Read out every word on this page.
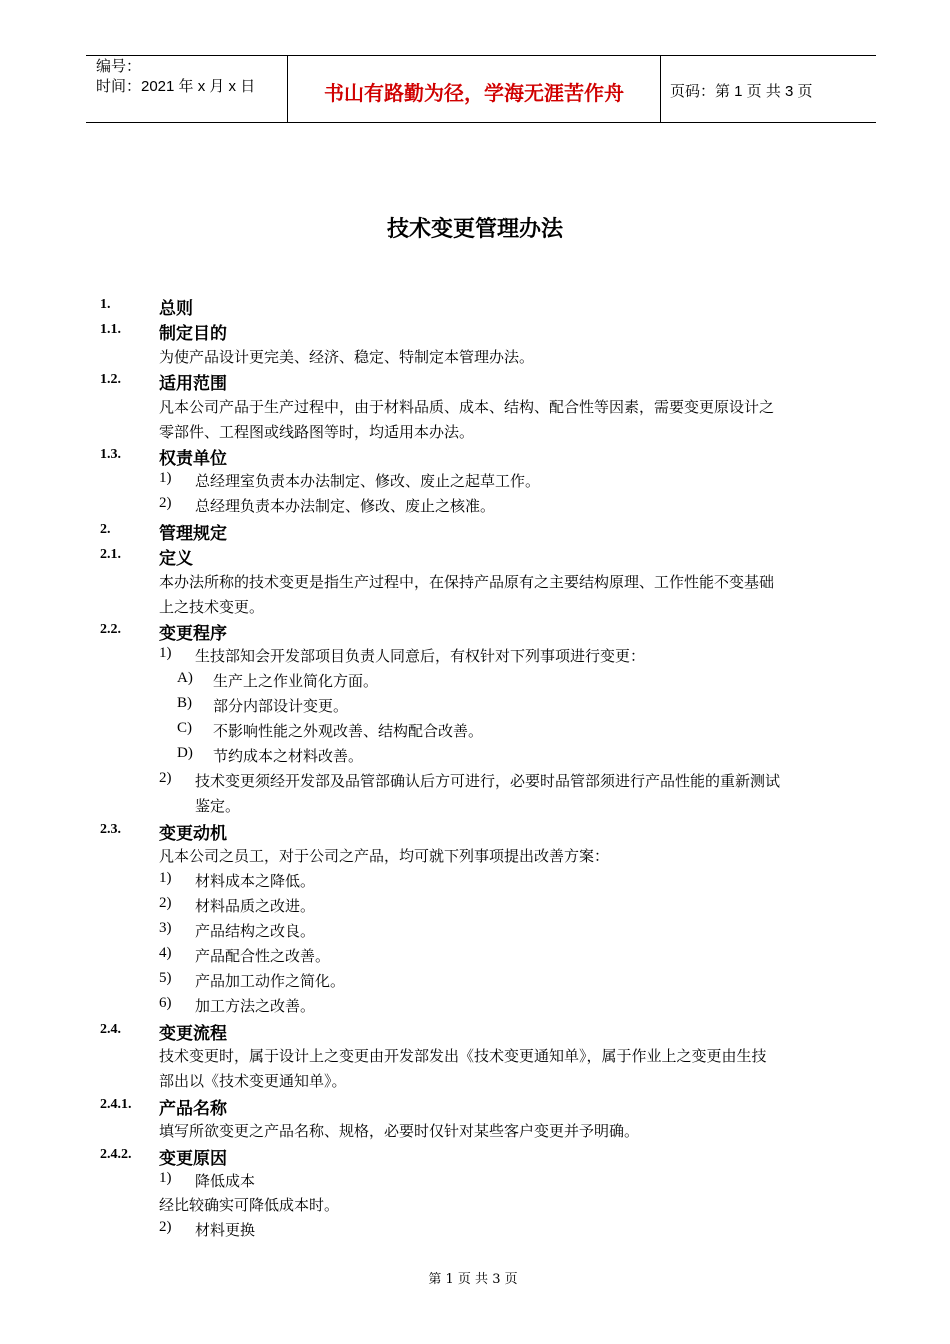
编号：
时间：2021 年 x 月 x 日	书山有路勤为径，学海无涯苦作舟	页码：第 1 页 共 3 页
技术变更管理办法
1.	总则
1.1. 制定目的
为使产品设计更完美、经济、稳定、特制定本管理办法。
1.2. 适用范围
凡本公司产品于生产过程中，由于材料品质、成本、结构、配合性等因素，需要变更原设计之
零部件、工程图或线路图等时，均适用本办法。
1.3. 权责单位
1) 总经理室负责本办法制定、修改、废止之起草工作。
2) 总经理负责本办法制定、修改、废止之核准。
2.	管理规定
2.1. 定义
本办法所称的技术变更是指生产过程中，在保持产品原有之主要结构原理、工作性能不变基础
上之技术变更。
2.2. 变更程序
1) 生技部知会开发部项目负责人同意后，有权针对下列事项进行变更：
A) 生产上之作业简化方面。
B) 部分内部设计变更。
C) 不影响性能之外观改善、结构配合改善。
D) 节约成本之材料改善。
2) 技术变更须经开发部及品管部确认后方可进行，必要时品管部须进行产品性能的重新测试
鉴定。
2.3. 变更动机
凡本公司之员工，对于公司之产品，均可就下列事项提出改善方案：
1) 材料成本之降低。
2) 材料品质之改进。
3) 产品结构之改良。
4) 产品配合性之改善。
5) 产品加工动作之简化。
6) 加工方法之改善。
2.4. 变更流程
技术变更时，属于设计上之变更由开发部发出《技术变更通知单》，属于作业上之变更由生技
部出以《技术变更通知单》。
2.4.1. 产品名称
填写所欲变更之产品名称、规格，必要时仅针对某些客户变更并予明确。
2.4.2. 变更原因
1) 降低成本
经比较确实可降低成本时。
2) 材料更换
第 1 页 共 3 页
